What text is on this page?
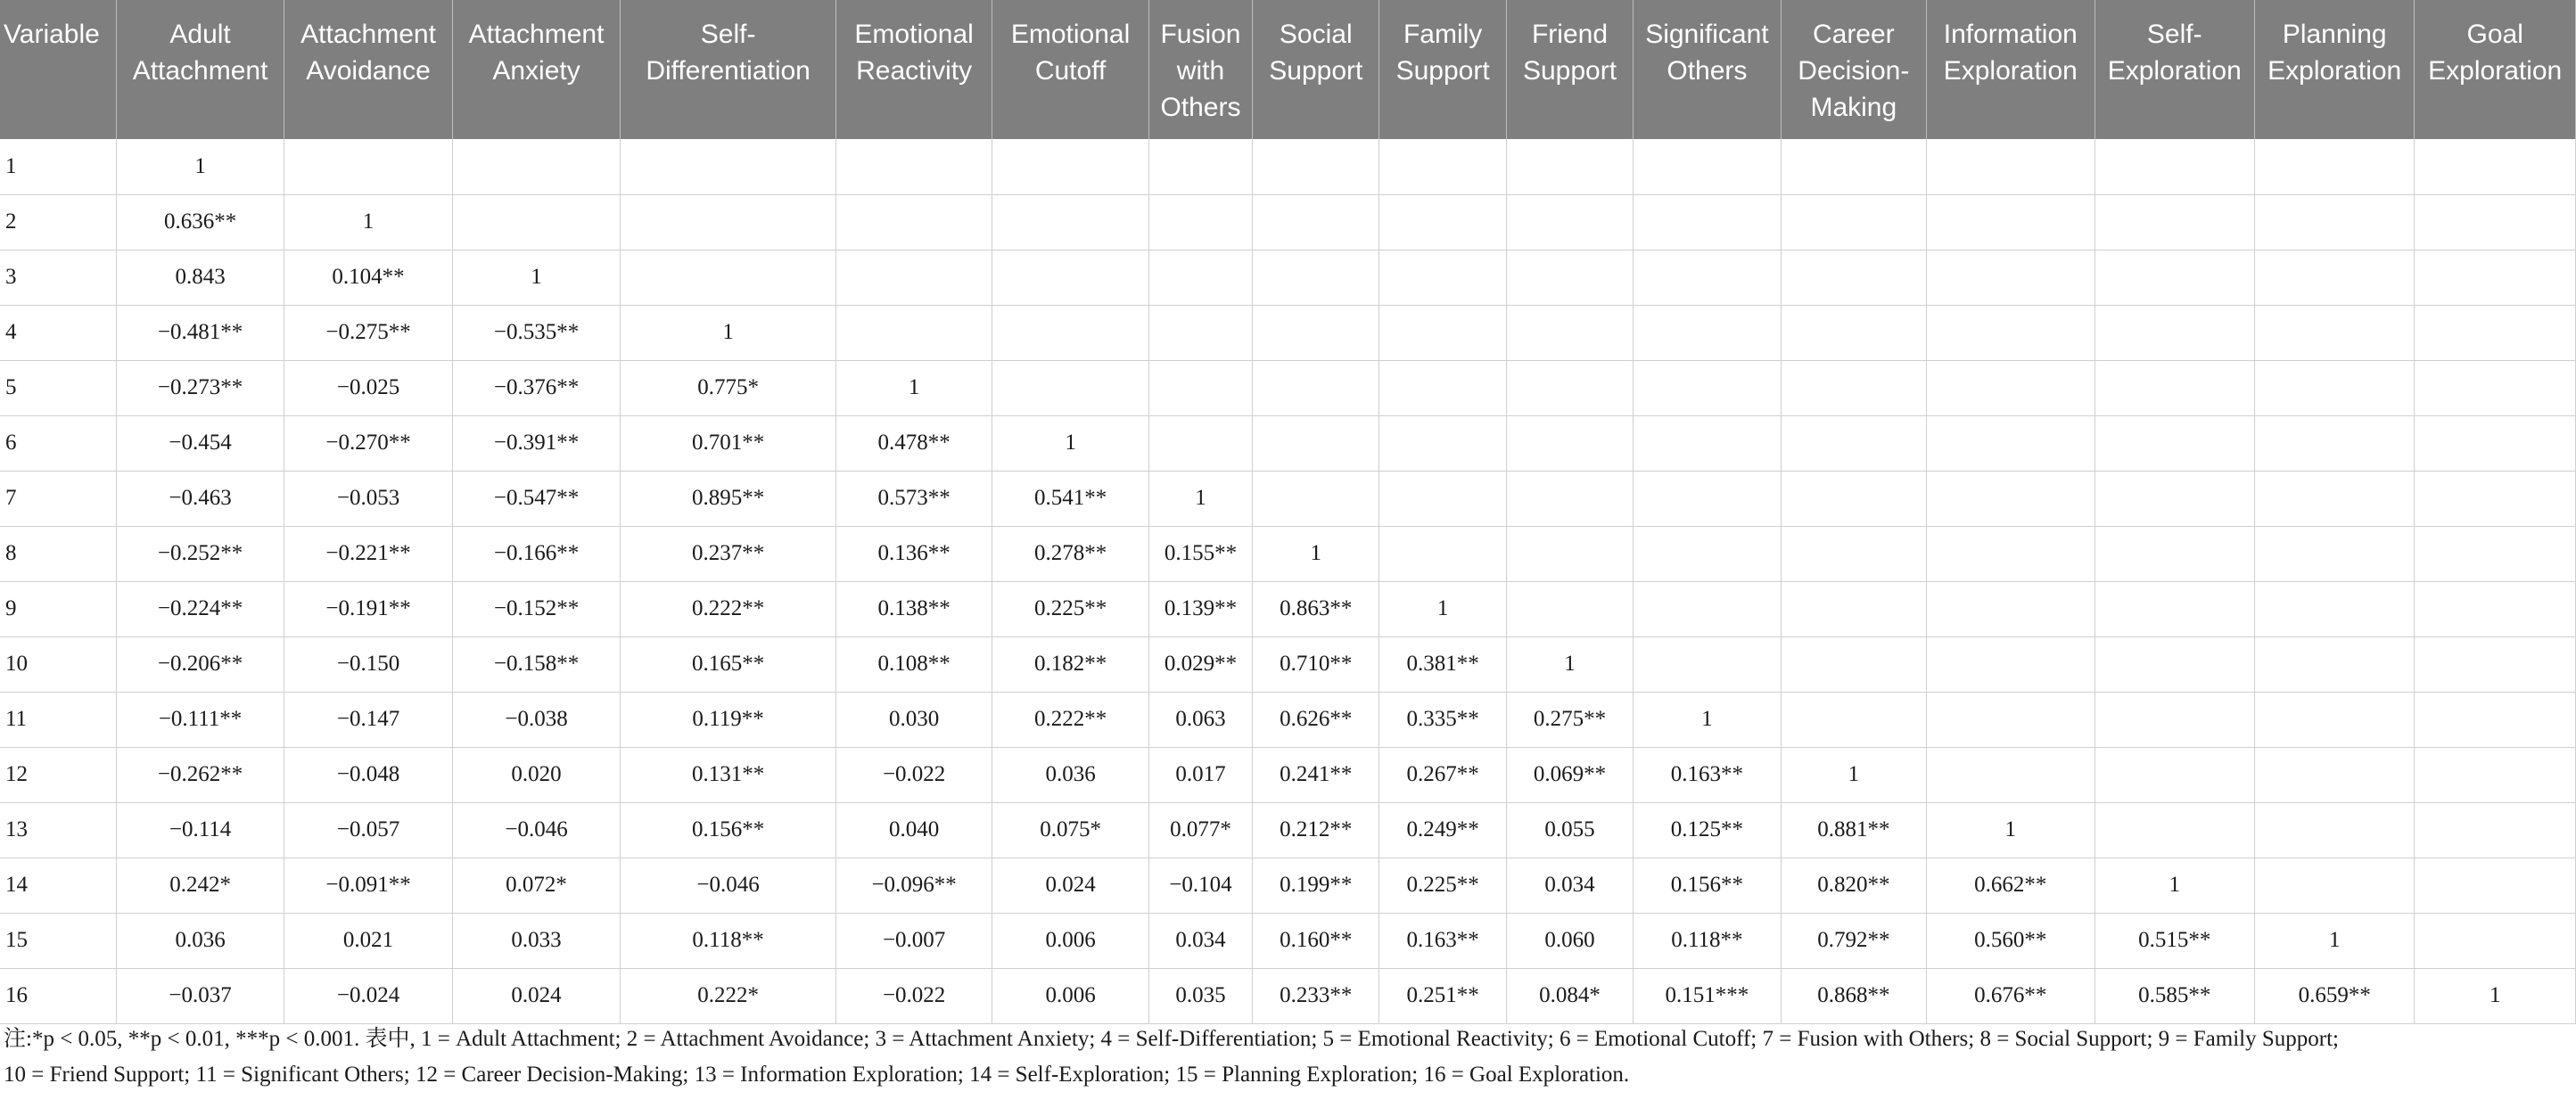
Variable	Adult Attachment	Attachment Avoidance	Attachment Anxiety	Self-Differentiation	Emotional Reactivity	Emotional Cutoff	Fusion with Others	Social Support	Family Support	Friend Support	Significant Others	Career Decision-Making	Information Exploration	Self-Exploration	Planning Exploration	Goal Exploration
1	1															
2	0.636**	1														
3	0.843	0.104**	1													
4	−0.481**	−0.275**	−0.535**	1												
5	−0.273**	−0.025	−0.376**	0.775*	1											
6	−0.454	−0.270**	−0.391**	0.701**	0.478**	1										
7	−0.463	−0.053	−0.547**	0.895**	0.573**	0.541**	1									
8	−0.252**	−0.221**	−0.166**	0.237**	0.136**	0.278**	0.155**	1								
9	−0.224**	−0.191**	−0.152**	0.222**	0.138**	0.225**	0.139**	0.863**	1							
10	−0.206**	−0.150	−0.158**	0.165**	0.108**	0.182**	0.029**	0.710**	0.381**	1						
11	−0.111**	−0.147	−0.038	0.119**	0.030	0.222**	0.063	0.626**	0.335**	0.275**	1					
12	−0.262**	−0.048	0.020	0.131**	−0.022	0.036	0.017	0.241**	0.267**	0.069**	0.163**	1				
13	−0.114	−0.057	−0.046	0.156**	0.040	0.075*	0.077*	0.212**	0.249**	0.055	0.125**	0.881**	1			
14	0.242*	−0.091**	0.072*	−0.046	−0.096**	0.024	−0.104	0.199**	0.225**	0.034	0.156**	0.820**	0.662**	1		
15	0.036	0.021	0.033	0.118**	−0.007	0.006	0.034	0.160**	0.163**	0.060	0.118**	0.792**	0.560**	0.515**	1	
16	−0.037	−0.024	0.024	0.222*	−0.022	0.006	0.035	0.233**	0.251**	0.084*	0.151***	0.868**	0.676**	0.585**	0.659**	1
注:*p < 0.05, **p < 0.01, ***p < 0.001. 表中, 1 = Adult Attachment; 2 = Attachment Avoidance; 3 = Attachment Anxiety; 4 = Self-Differentiation; 5 = Emotional Reactivity; 6 = Emotional Cutoff; 7 = Fusion with Others; 8 = Social Support; 9 = Family Support;
10 = Friend Support; 11 = Significant Others; 12 = Career Decision-Making; 13 = Information Exploration; 14 = Self-Exploration; 15 = Planning Exploration; 16 = Goal Exploration.
